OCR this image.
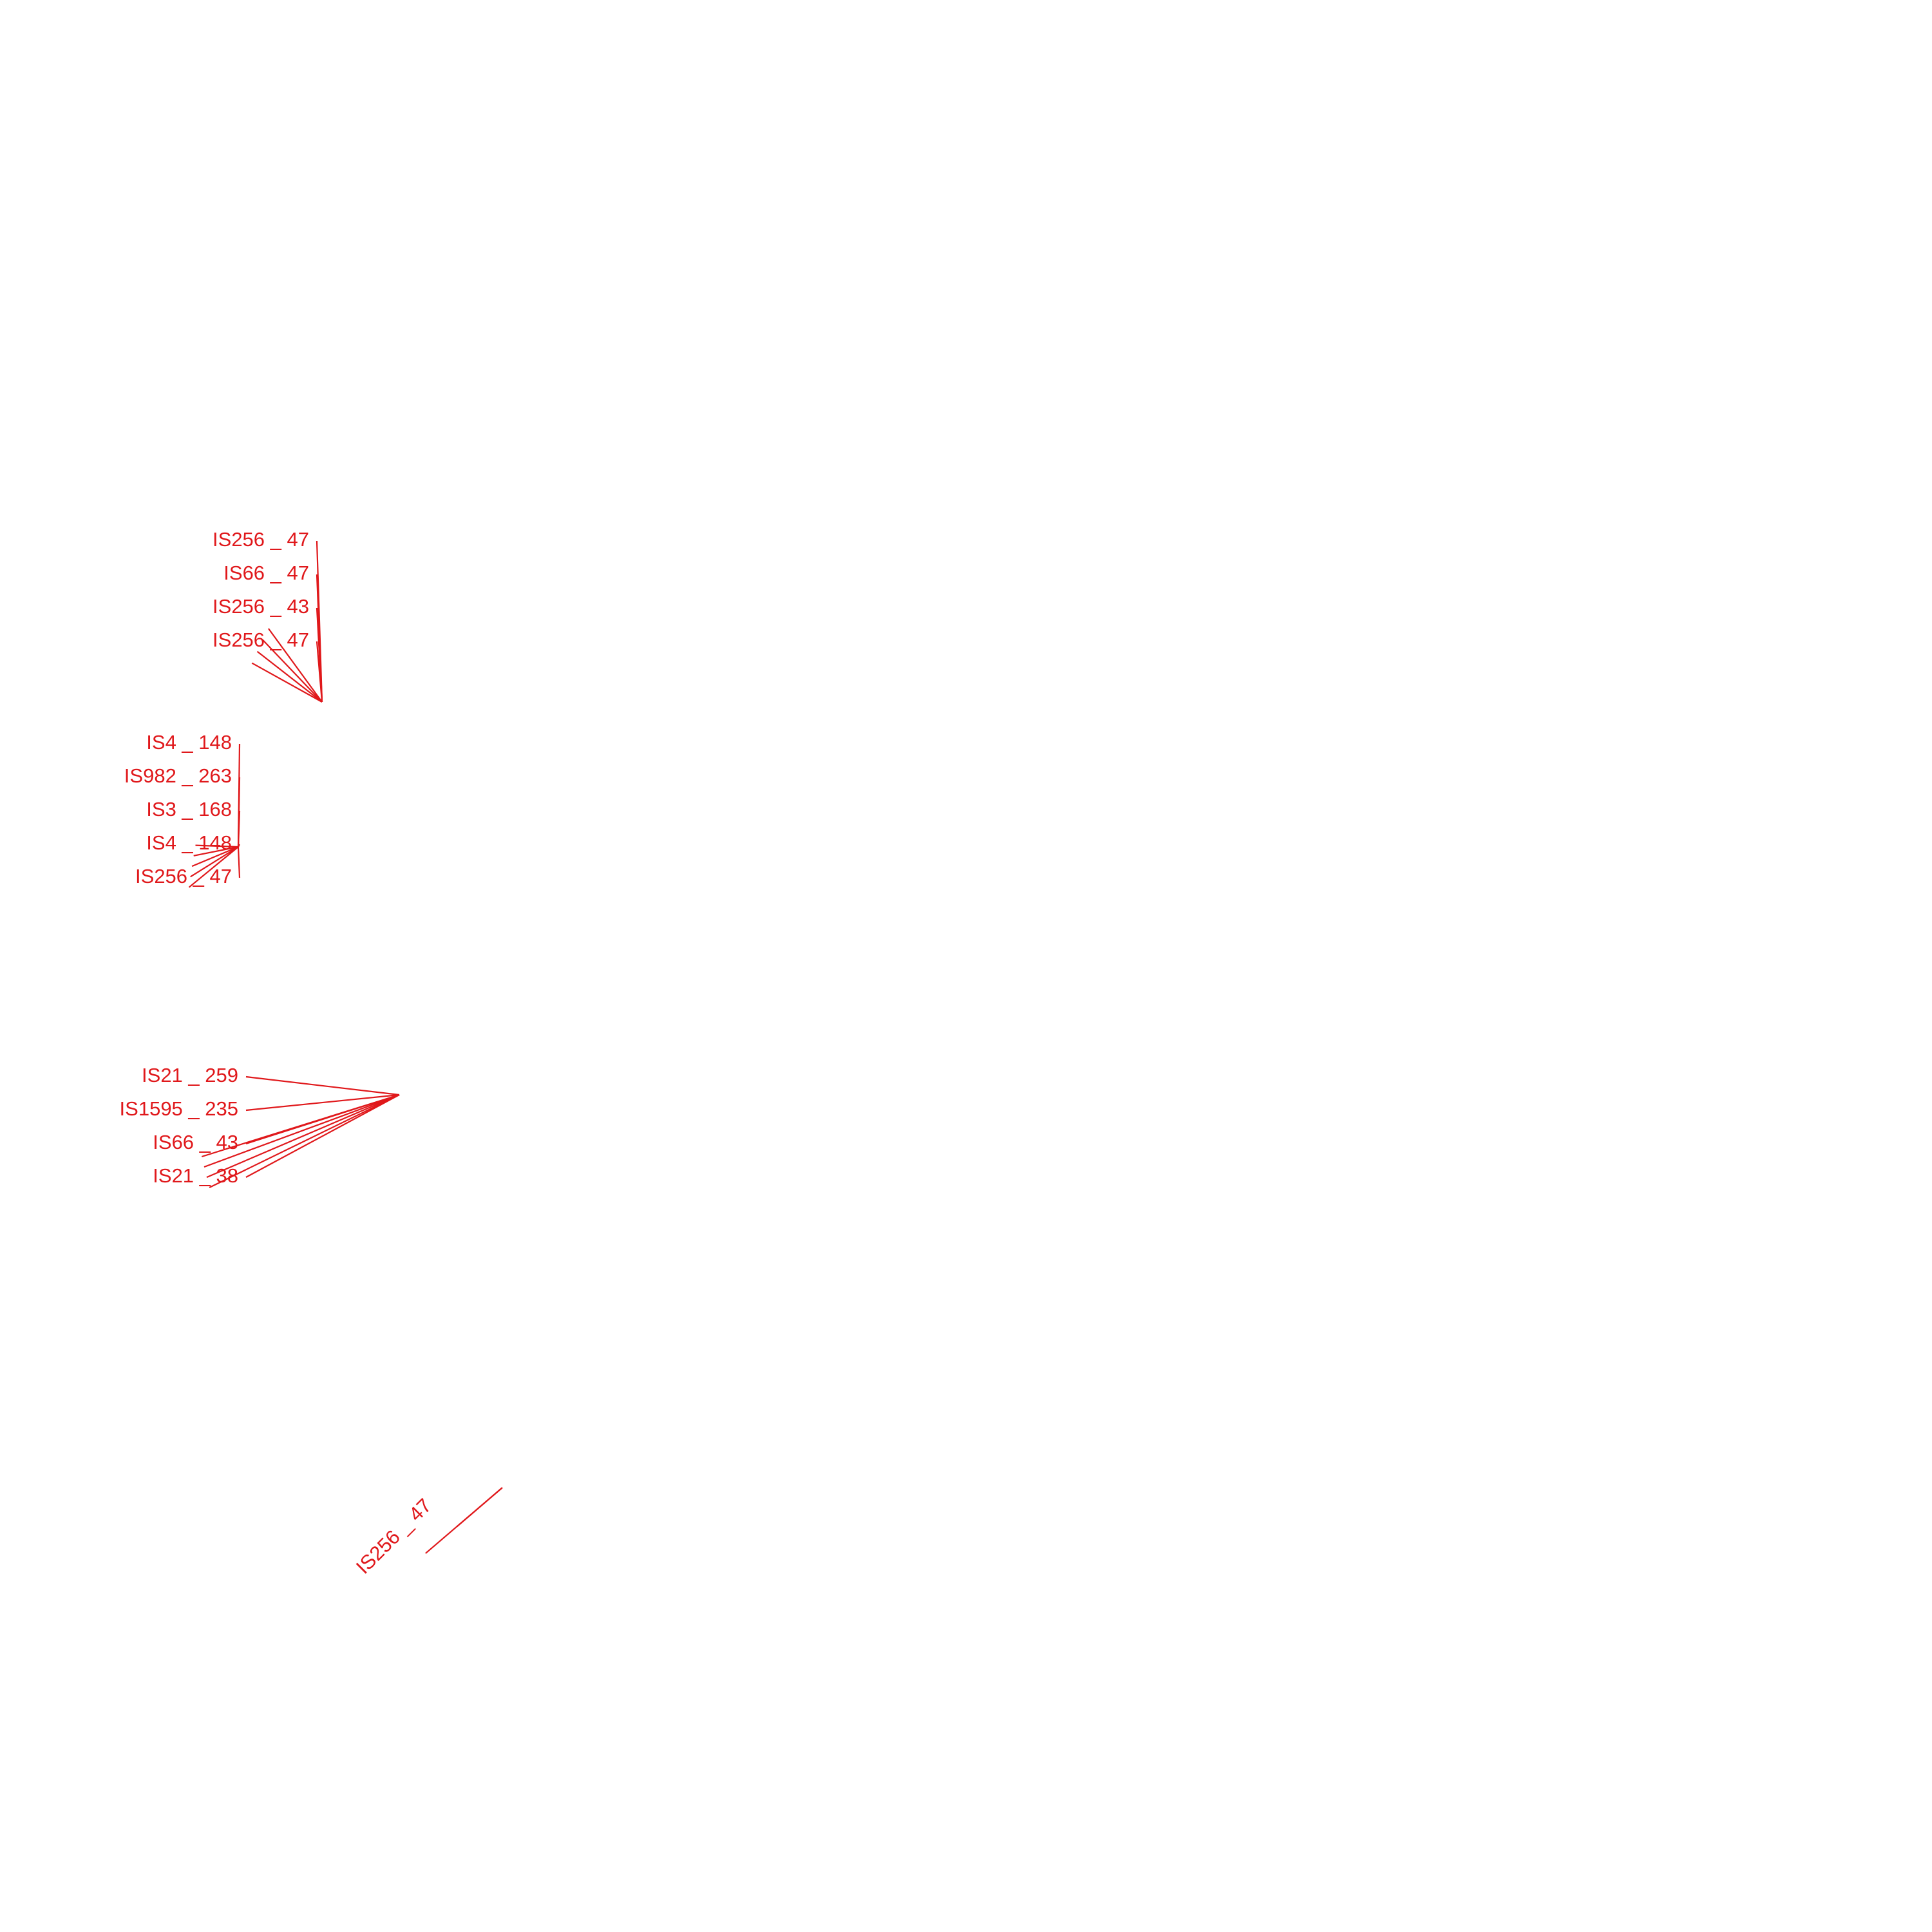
IS256 _ 47
IS21 _ 259
IS1595 _ 235
IS66 _ 43
IS21 _ 38
IS4 _ 148
IS982 _ 263
IS3 _ 168
IS4 _ 148
IS256 _ 47
IS256 _ 47
IS66 _ 47
IS256 _ 43
IS256 _ 47
